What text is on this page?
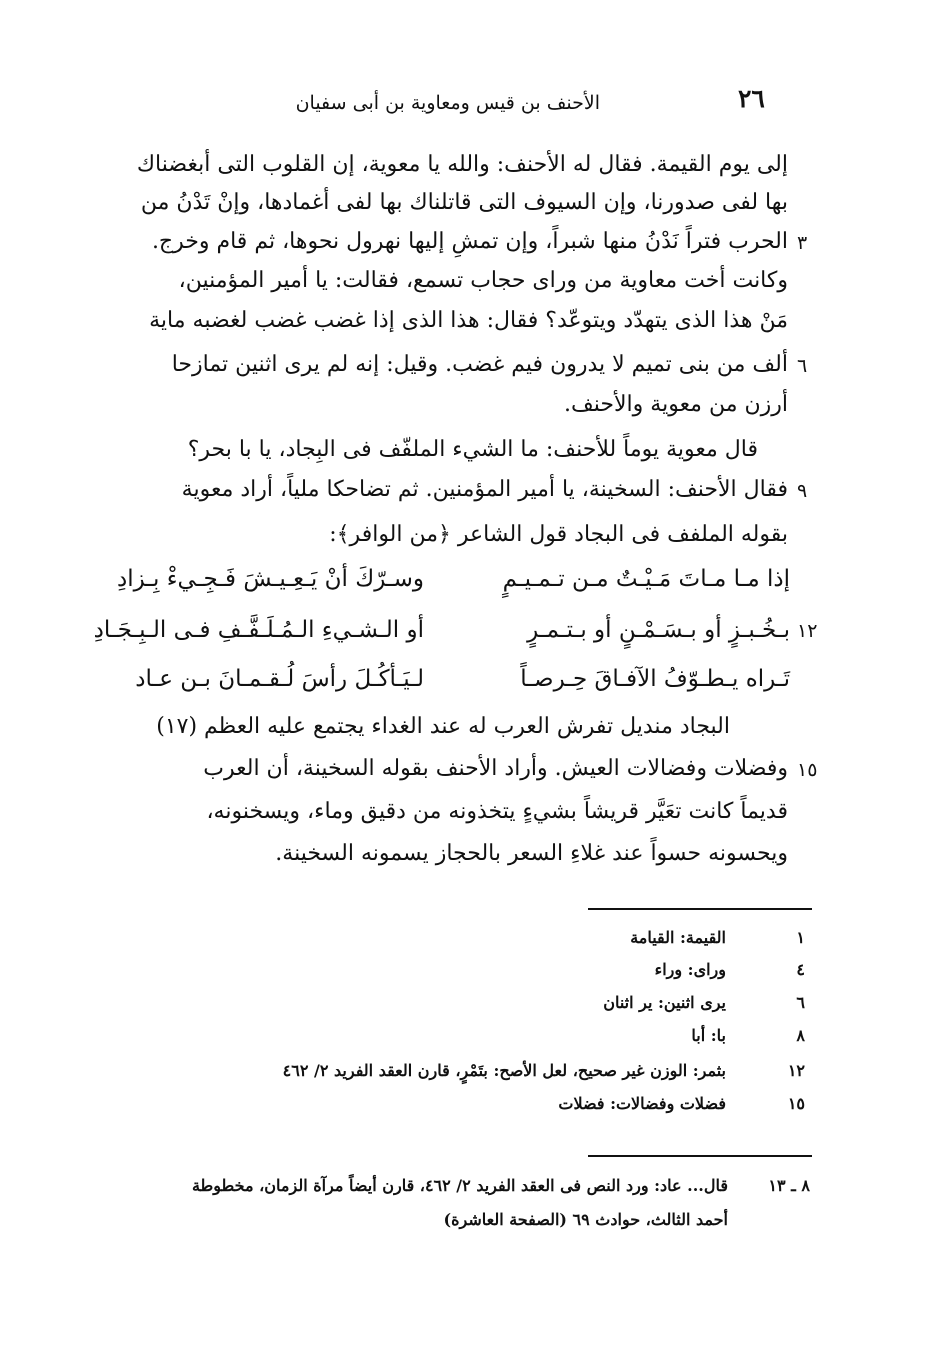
٢٦
الأحنف بن قيس ومعاوية بن أبى سفيان
إلى يوم القيمة. فقال له الأحنف: والله يا معوية، إن القلوب التى أبغضناك
بها لفى صدورنا، وإن السيوف التى قاتلناك بها لفى أغمادها، وإنْ تَدْنُ من
الحرب فتراً نَدْنُ منها شبراً، وإن تمشِ إليها نهرول نحوها، ثم قام وخرج. ٣
وكانت أخت معاوية من ورای حجاب تسمع، فقالت: يا أمير المؤمنين،
مَنْ هذا الذى يتهدّد ويتوعّد؟ فقال: هذا الذى إذا غضب غضب لغضبه ماية
ألف من بنى تميم لا يدرون فيم غضب. وقيل: إنه لم يرى اثنين تمازحا ٦
أرزن من معوية والأحنف.
قال معوية يوماً للأحنف: ما الشيء الملفّف فى البِجاد، يا با بحر؟
فقال الأحنف: السخينة، يا أمير المؤمنين. ثم تضاحكا ملياً، أراد معوية ٩
بقوله الملفف فى البجاد قول الشاعر ﴿من الوافر﴾:
إذا مـا مـاتَ مَـيْـتٌ مـن تـمـيـمٍ
وسـرّكَ أنْ يَـعِـيـشَ فَـجِـيءْ بِـزادِ
بـخُـبـزٍ أو بـسَـمْـنٍ أو بـتـمـرٍ
أو الـشـيءِ الـمُـلَـفَّـفِ فـى الـبِـجَـادِ	١٢
تَـراه يـطـوّفُ الآفـاقَ حِـرصـاً
لـيَـأكُـلَ رأسَ لُـقـمـانَ بـن عـاد
البجاد منديل تفرش العرب له عند الغداء يجتمع عليه العظم (١٧)
وفضلات وفضالات العيش. وأراد الأحنف بقوله السخينة، أن العرب ١٥
قديماً كانت تعَيَّر قريشاً بشيءٍ يتخذونه من دقيق وماء، ويسخنونه،
ويحسونه حسواً عند غلاءِ السعر بالحجاز يسمونه السخينة.
١
القيمة: القيامة
٤
ورای: وراء
٦
يرى اثنين: ير اثنان
٨
با: أبا
١٢
بثمر: الوزن غير صحيح، لعل الأصح: بتَمْرٍ، قارن العقد الفريد ٢/ ٤٦٢
١٥
فضلات وفضالات: فضلات
٨ ـ ١٣
قال... عاد: ورد النص فى العقد الفريد ٢/ ٤٦٢، قارن أيضاً مرآة الزمان، مخطوطة
أحمد الثالث، حوادث ٦٩ (الصفحة العاشرة)
